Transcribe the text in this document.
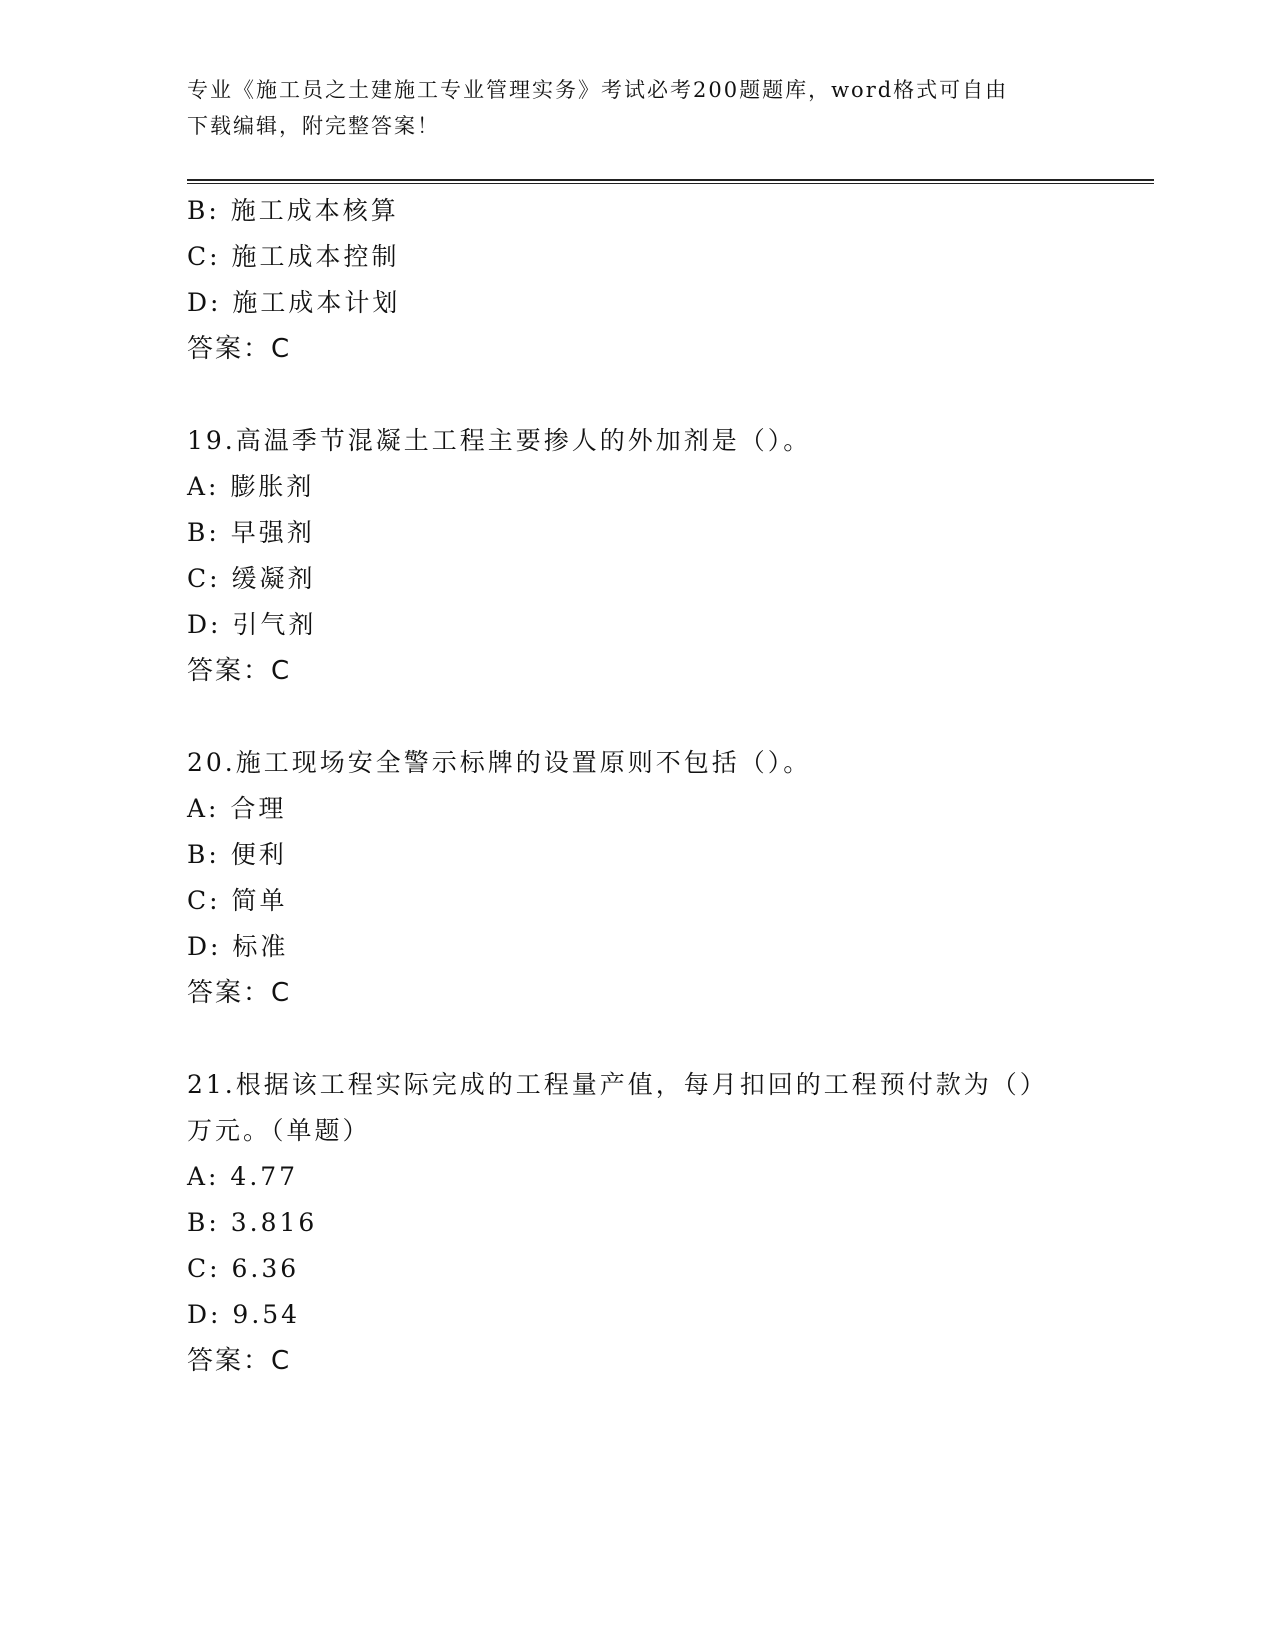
专业《施工员之土建施工专业管理实务》考试必考200题题库，word格式可自由
下载编辑，附完整答案！
B: 施工成本核算
C: 施工成本控制
D: 施工成本计划
答案：C
19.高温季节混凝土工程主要掺人的外加剂是（）。
A: 膨胀剂
B: 早强剂
C: 缓凝剂
D: 引气剂
答案：C
20.施工现场安全警示标牌的设置原则不包括（）。
A: 合理
B: 便利
C: 简单
D: 标准
答案：C
21.根据该工程实际完成的工程量产值，每月扣回的工程预付款为（）
万元。（单题）
A: 4.77
B: 3.816
C: 6.36
D: 9.54
答案：C
